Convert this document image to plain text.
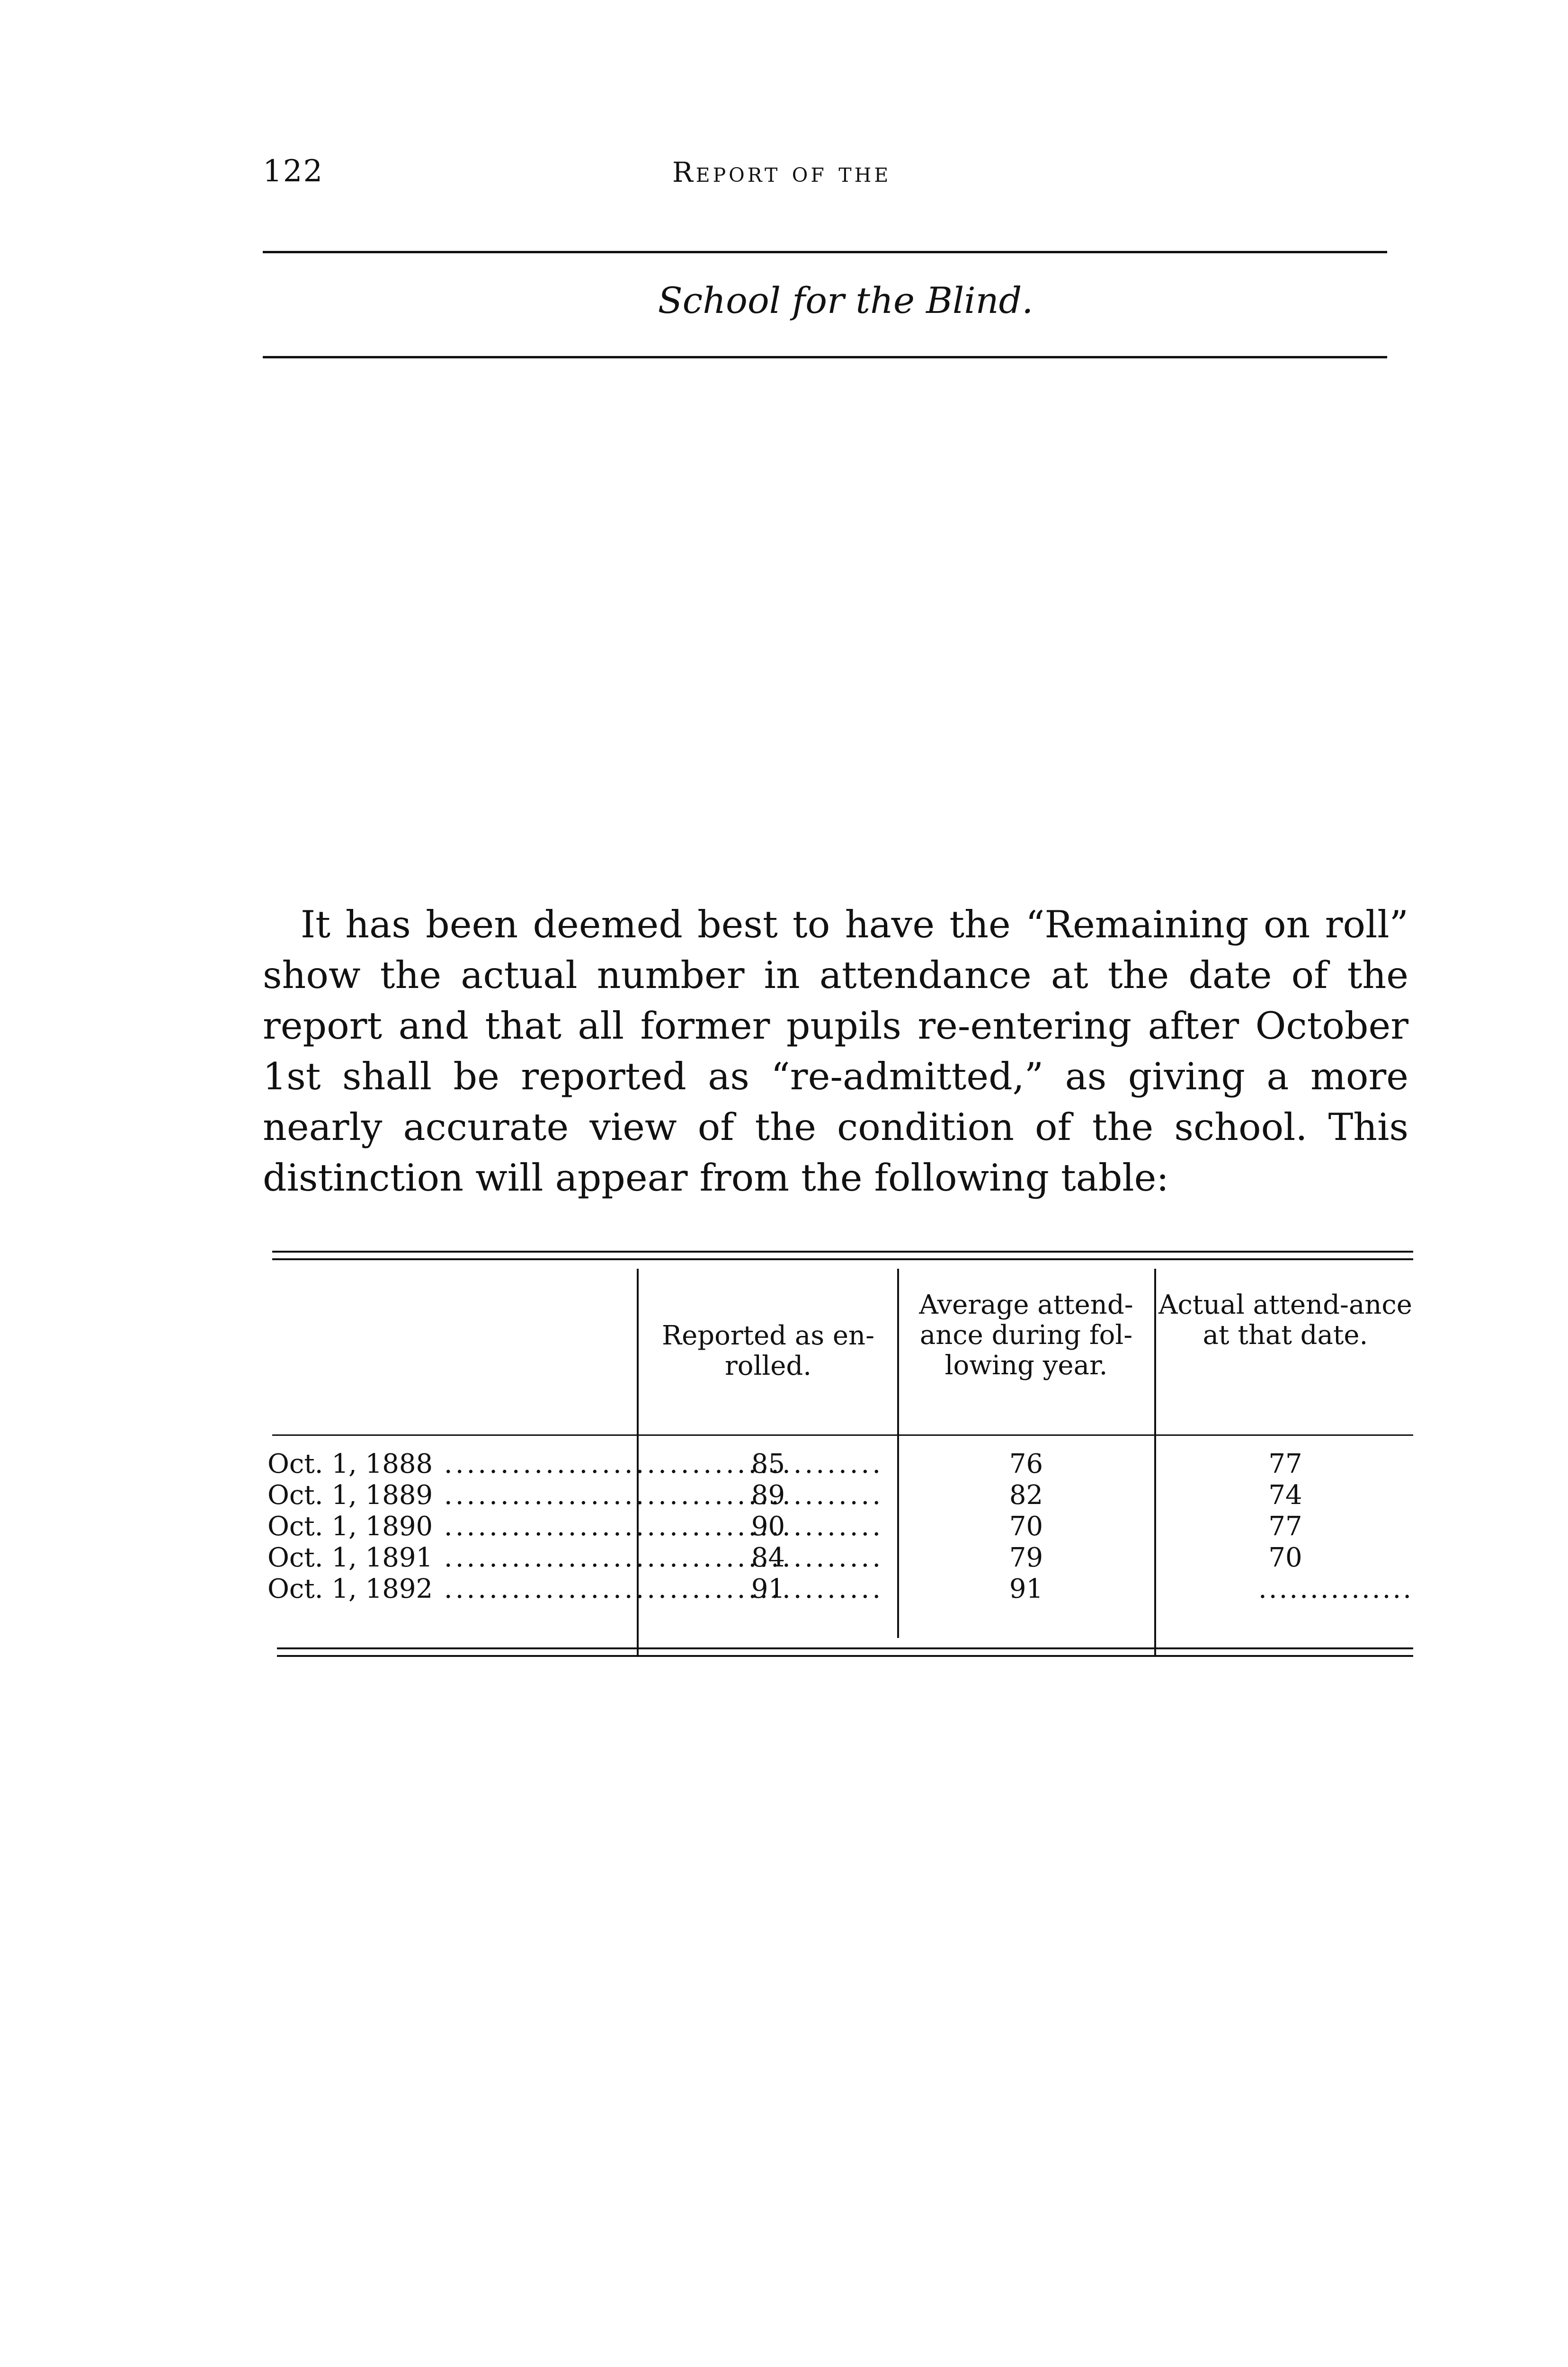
122	Report of the
School for the Blind.

It has been deemed best to have the “Remaining on roll” show the actual number in attendance at the date of the report and that all former pupils re-entering after October 1st shall be reported as “re-admitted,” as giving a more nearly accurate view of the condition of the school. This distinction will appear from the following table:

Reported as en-rolled.
Average attend-ance during fol-lowing year.
Actual attend-ance at that date.
Oct. 1, 1888 .....	85	76	77
Oct. 1, 1889 .....	89	82	74
Oct. 1, 1890 .....	90	70	77
Oct. 1, 1891 .....	84	79	70
Oct. 1, 1892 .....	91	91	...............
